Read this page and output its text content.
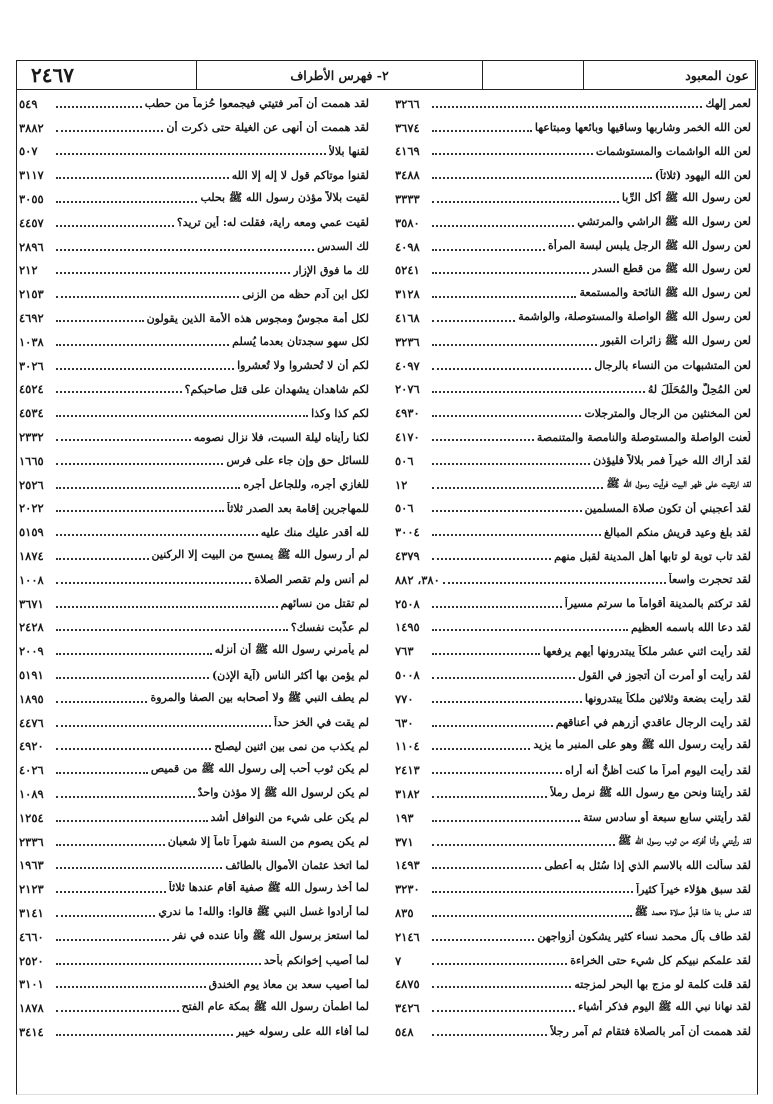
عون المعبود
٢- فهرس الأطراف
٢٤٦٧
لعمر إلهك
٣٢٦٦
لعن الله الخمر وشاربها وساقيها وبائعها ومبتاعها
٣٦٧٤
لعن الله الواشمات والمستوشمات
٤١٦٩
لعن الله اليهود (ثلاثاً)
٣٤٨٨
لعن رسول الله ﷺ أكل الرِّبا
٣٣٣٣
لعن رسول الله ﷺ الراشي والمرتشي
٣٥٨٠
لعن رسول الله ﷺ الرجل يلبس لبسة المرأة
٤٠٩٨
لعن رسول الله ﷺ من قطع السدر
٥٢٤١
لعن رسول الله ﷺ النائحة والمستمعة
٣١٢٨
لعن رسول الله ﷺ الواصلة والمستوصلة، والواشمة
٤١٦٨
لعن رسول الله ﷺ زائرات القبور
٣٢٣٦
لعن المتشبهات من النساء بالرجال
٤٠٩٧
لعن المُحِلَّ والمُحَلَّلَ لهُ
٢٠٧٦
لعن المخنثين من الرجال والمترجلات
٤٩٣٠
لُعنت الواصلة والمستوصلة والنامصة والمتنمصة
٤١٧٠
لقد أراك الله خيراً فمر بلالاً فليؤذن
٥٠٦
لقد ارتقيت على ظهر البيت فرأيت رسول الله ﷺ
١٢
لقد أعجبني أن تكون صلاة المسلمين
٥٠٦
لقد بلغ وعيد قريش منكم المبالغ
٣٠٠٤
لقد تاب توبة لو تابها أهل المدينة لقبل منهم
٤٣٧٩
لقد تحجرت واسعاً
٣٨٠، ٨٨٢
لقد تركتم بالمدينة أقواماً ما سرتم مسيراً
٢٥٠٨
لقد دعا الله باسمه العظيم
١٤٩٥
لقد رأيت اثني عشر ملكاً يبتدرونها أيهم يرفعها
٧٦٣
لقد رأيت أو أمرت أن أتجوز في القول
٥٠٠٨
لقد رأيت بضعة وثلاثين ملكاً يبتدرونها
٧٧٠
لقد رأيت الرجال عاقدي أزرهم في أعناقهم
٦٣٠
لقد رأيت رسول الله ﷺ وهو على المنبر ما يزيد
١١٠٤
لقد رأيت اليوم أمراً ما كنت أظنُّ أنه أراه
٢٤١٣
لقد رأيتنا ونحن مع رسول الله ﷺ نرمل رملاً
٣١٨٢
لقد رأيتني سابع سبعة أو سادس ستة
١٩٣
لقد رأيتني وأنا أفركه من ثوب رسول الله ﷺ
٣٧١
لقد سألت الله بالاسم الذي إذا سُئل به أعطى
١٤٩٣
لقد سبق هؤلاء خيراً كثيراً
٣٢٣٠
لقد صلى بنا هذا قبلُ صلاة محمد ﷺ
٨٣٥
لقد طاف بآل محمد نساء كثير يشكون أزواجهن
٢١٤٦
لقد علمكم نبيكم كل شيء حتى الخراءة
٧
لقد قلت كلمة لو مزج بها البحر لمزجته
٤٨٧٥
لقد نهانا نبي الله ﷺ اليوم فذكر أشياء
٣٤٢٦
لقد هممت أن آمر بالصلاة فتقام ثم آمر رجلاً
٥٤٨
لقد هممت أن آمر فتيتي فيجمعوا حُزماً من حطب
٥٤٩
لقد هممت أن أنهى عن الغيلة حتى ذكرت أن
٣٨٨٢
لقنها بلالاً
٥٠٧
لقنوا موتاكم قول لا إله إلا الله
٣١١٧
لقيت بلالاً مؤذن رسول الله ﷺ بحلب
٣٠٥٥
لقيت عمي ومعه راية، فقلت له: أين تريد؟
٤٤٥٧
لك السدس
٢٨٩٦
لك ما فوق الإزار
٢١٢
لكل ابن آدم حظه من الزنى
٢١٥٣
لكل أمة مجوسٌ ومجوس هذه الأمة الذين يقولون
٤٦٩٢
لكل سهو سجدتان بعدما يُسلم
١٠٣٨
لكم أن لا تُحشروا ولا تُعشروا
٣٠٢٦
لكم شاهدان يشهدان على قتل صاحبكم؟
٤٥٢٤
لكم كذا وكذا
٤٥٣٤
لكنا رأيناه ليلة السبت، فلا نزال نصومه
٢٣٣٢
للسائل حق وإن جاء على فرس
١٦٦٥
للغازي أجره، وللجاعل أجره
٢٥٢٦
للمهاجرين إقامة بعد الصدر ثلاثاً
٢٠٢٢
لله أقدر عليك منك عليه
٥١٥٩
لم أر رسول الله ﷺ يمسح من البيت إلا الركنين
١٨٧٤
لم أنس ولم تقصر الصلاة
١٠٠٨
لم تقتل من نسائهم
٣٦٧١
لم عذَّبت نفسك؟
٢٤٢٨
لم يأمرني رسول الله ﷺ أن أنزله
٢٠٠٩
لم يؤمن بها أكثر الناس (آية الإذن)
٥١٩١
لم يطف النبي ﷺ ولا أصحابه بين الصفا والمروة
١٨٩٥
لم يقت في الخز حداً
٤٤٧٦
لم يكذب من نمى بين اثنين ليصلح
٤٩٢٠
لم يكن ثوب أحب إلى رسول الله ﷺ من قميص
٤٠٢٦
لم يكن لرسول الله ﷺ إلا مؤذن واحدٌ
١٠٨٩
لم يكن على شيء من النوافل أشد
١٢٥٤
لم يكن يصوم من السنة شهراً تاماً إلا شعبان
٢٣٣٦
لما اتخذ عثمان الأموال بالطائف
١٩٦٣
لما أخذ رسول الله ﷺ صفية أقام عندها ثلاثاً
٢١٢٣
لما أرادوا غسل النبي ﷺ قالوا: والله! ما ندري
٣١٤١
لما استعز برسول الله ﷺ وأنا عنده في نفر
٤٦٦٠
لما أصيب إخوانكم بأحد
٢٥٢٠
لما أُصيب سعد بن معاذ يوم الخندق
٣١٠١
لما اطمأن رسول الله ﷺ بمكة عام الفتح
١٨٧٨
لما أفاء الله على رسوله خيبر
٣٤١٤
